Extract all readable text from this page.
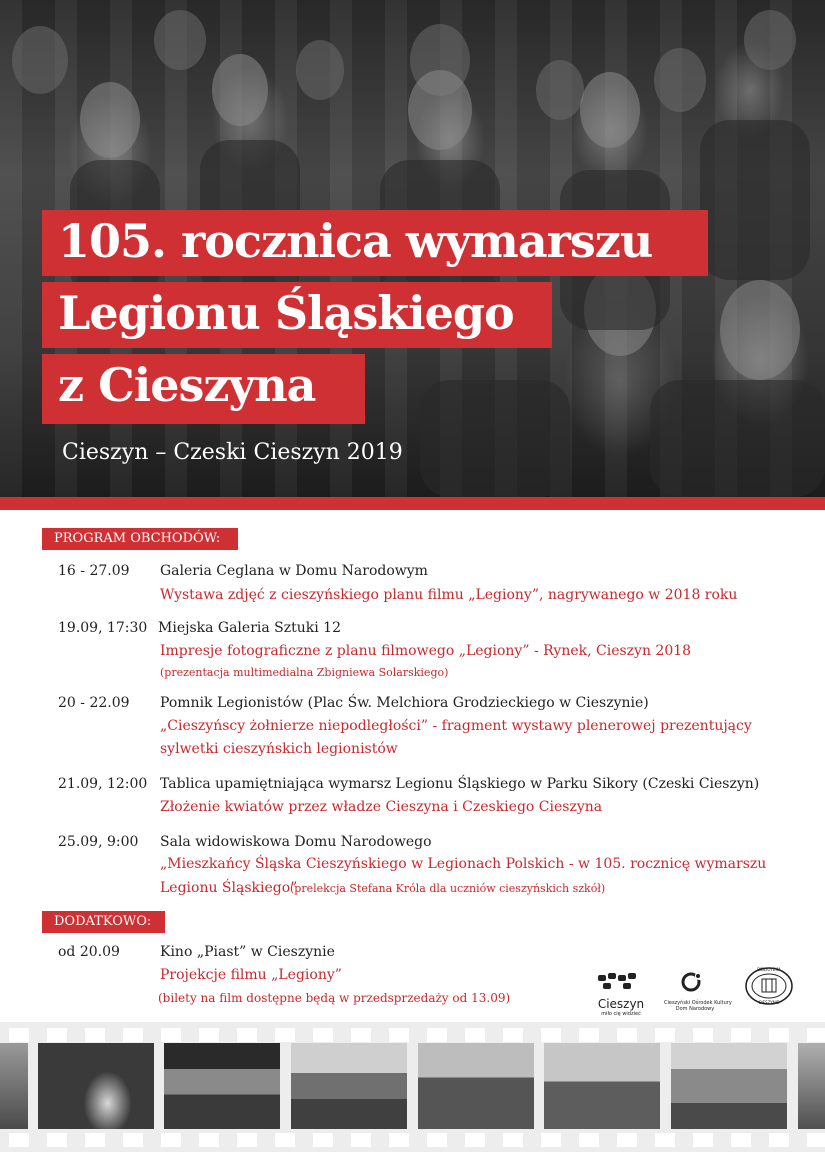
105. rocznica wymarszu
Legionu Śląskiego
z Cieszyna
Cieszyn – Czeski Cieszyn 2019
PROGRAM OBCHODÓW:
16 - 27.09 Galeria Ceglana w Domu Narodowym
Wystawa zdjęć z cieszyńskiego planu filmu „Legiony”, nagrywanego w 2018 roku
19.09, 17:30 Miejska Galeria Sztuki 12
Impresje fotograficzne z planu filmowego „Legiony” - Rynek, Cieszyn 2018
(prezentacja multimedialna Zbigniewa Solarskiego)
20 - 22.09 Pomnik Legionistów (Plac Św. Melchiora Grodzieckiego w Cieszynie)
„Cieszyńscy żołnierze niepodległości” - fragment wystawy plenerowej prezentujący
sylwetki cieszyńskich legionistów
21.09, 12:00 Tablica upamiętniająca wymarsz Legionu Śląskiego w Parku Sikory (Czeski Cieszyn)
Złożenie kwiatów przez władze Cieszyna i Czeskiego Cieszyna
25.09, 9:00 Sala widowiskowa Domu Narodowego
„Mieszkańcy Śląska Cieszyńskiego w Legionach Polskich - w 105. rocznicę wymarszu
Legionu Śląskiego”
(prelekcja Stefana Króla dla uczniów cieszyńskich szkół)
DODATKOWO:
od 20.09	Kino „Piast” w Cieszynie
Projekcje filmu „Legiony”
(bilety na film dostępne będą w przedsprzedaży od 13.09)	Cieszyn
miło cię widzieć
Cieszyński Ośrodek Kultury
Dom Narodowy
BIBLIOTEKA
CIESZYNIE
